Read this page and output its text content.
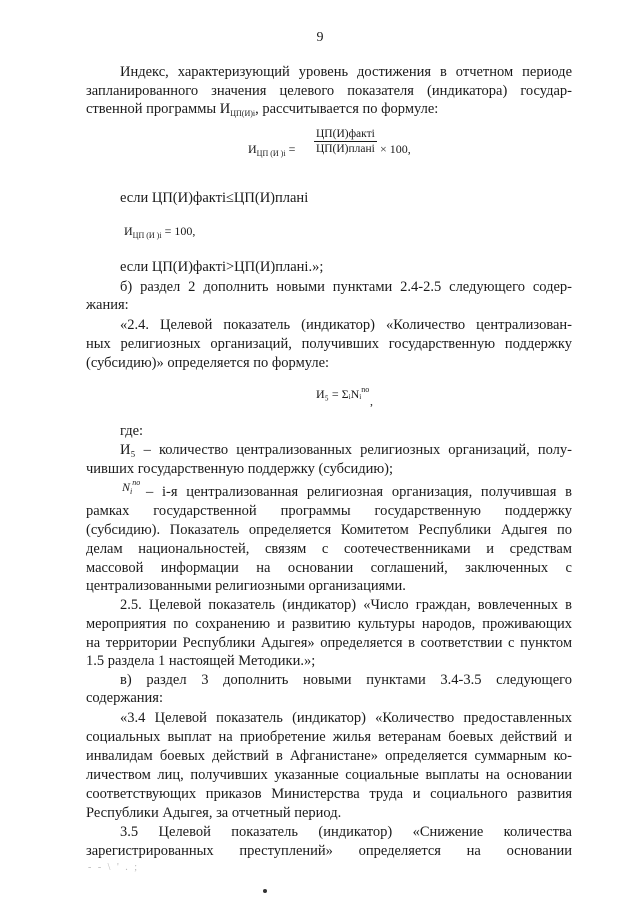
9
Индекс, характеризующий уровень достижения в отчетном периоде
запланированного значения целевого показателя (индикатора) государ-
ственной программы $И_{ЦП(И)i}$, рассчитывается по формуле:
$И_{ЦП (И )i}$ =
ЦП(И)фактi
ЦП(И)планi × 100,
если ЦП(И)фактi≤ЦП(И)планi
$И_{ЦП (И )i} = 100$,
если ЦП(И)фактi>ЦП(И)планi.»;
б) раздел 2 дополнить новыми пунктами 2.4-2.5 следующего содер-
жания:
«2.4. Целевой показатель (индикатор) «Количество централизован-
ных религиозных организаций, получивших государственную поддержку
(субсидию)» определяется по формуле:
И₅ = ΣᵢNᵢ$^{no}$
,
где:
И₅ – количество централизованных религиозных организаций, полу-
чивших государственную поддержку (субсидию);
$N_i^{no}$
– i-я централизованная религиозная организация, получившая в
рамках государственной программы государственную поддержку
(субсидию). Показатель определяется Комитетом Республики Адыгея по
делам национальностей, связям с соотечественниками и средствам
массовой информации на основании соглашений, заключенных с
централизованными религиозными организациями.
2.5. Целевой показатель (индикатор) «Число граждан, вовлеченных в
мероприятия по сохранению и развитию культуры народов, проживающих
на территории Республики Адыгея» определяется в соответствии с пунктом
1.5 раздела 1 настоящей Методики.»;
в) раздел 3 дополнить новыми пунктами 3.4-3.5 следующего
содержания:
«3.4 Целевой показатель (индикатор) «Количество предоставленных
социальных выплат на приобретение жилья ветеранам боевых действий и
инвалидам боевых действий в Афганистане» определяется суммарным ко-
личеством лиц, получивших указанные социальные выплаты на основании
соответствующих приказов Министерства труда и социального развития
Республики Адыгея, за отчетный период.
3.5 Целевой показатель (индикатор) «Снижение количества
зарегистрированных преступлений» определяется на основании
- - \ ' . ;
